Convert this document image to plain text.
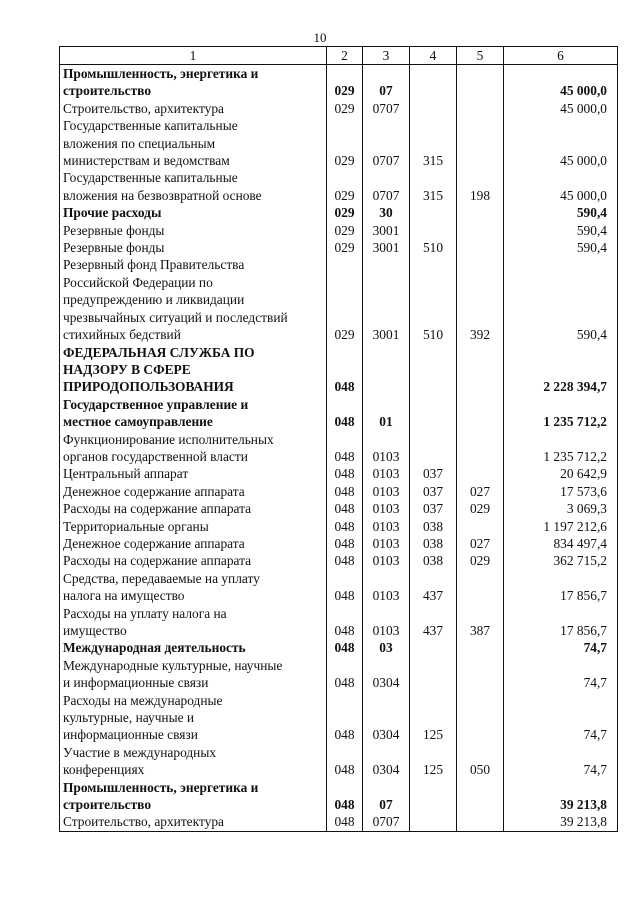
10
1	2	3	4	5	6

Промышленность, энергетика и
строительство	029	07			45 000,0

Строительство, архитектура	029	0707			45 000,0

Государственные капитальные
вложения по специальным
министерствам и ведомствам	029	0707	315		45 000,0

Государственные капитальные
вложения на безвозвратной основе	029	0707	315	198	45 000,0

Прочие расходы	029	30			590,4

Резервные фонды	029	3001			590,4

Резервные фонды	029	3001	510		590,4

Резервный фонд Правительства
Российской Федерации по
предупреждению и ликвидации
чрезвычайных ситуаций и последствий
стихийных бедствий	029	3001	510	392	590,4

ФЕДЕРАЛЬНАЯ СЛУЖБА ПО
НАДЗОРУ В СФЕРЕ
ПРИРОДОПОЛЬЗОВАНИЯ	048				2 228 394,7

Государственное управление и
местное самоуправление	048	01			1 235 712,2

Функционирование исполнительных
органов государственной власти	048	0103			1 235 712,2

Центральный аппарат	048	0103	037		20 642,9

Денежное содержание аппарата	048	0103	037	027	17 573,6

Расходы на содержание аппарата	048	0103	037	029	3 069,3

Территориальные органы	048	0103	038		1 197 212,6

Денежное содержание аппарата	048	0103	038	027	834 497,4

Расходы на содержание аппарата	048	0103	038	029	362 715,2

Средства, передаваемые на уплату
налога на имущество	048	0103	437		17 856,7

Расходы на уплату налога на
имущество	048	0103	437	387	17 856,7

Международная деятельность	048	03			74,7

Международные культурные, научные
и информационные связи	048	0304			74,7

Расходы на международные
культурные, научные и
информационные связи	048	0304	125		74,7

Участие в международных
конференциях	048	0304	125	050	74,7

Промышленность, энергетика и
строительство	048	07			39 213,8

Строительство, архитектура	048	0707			39 213,8
